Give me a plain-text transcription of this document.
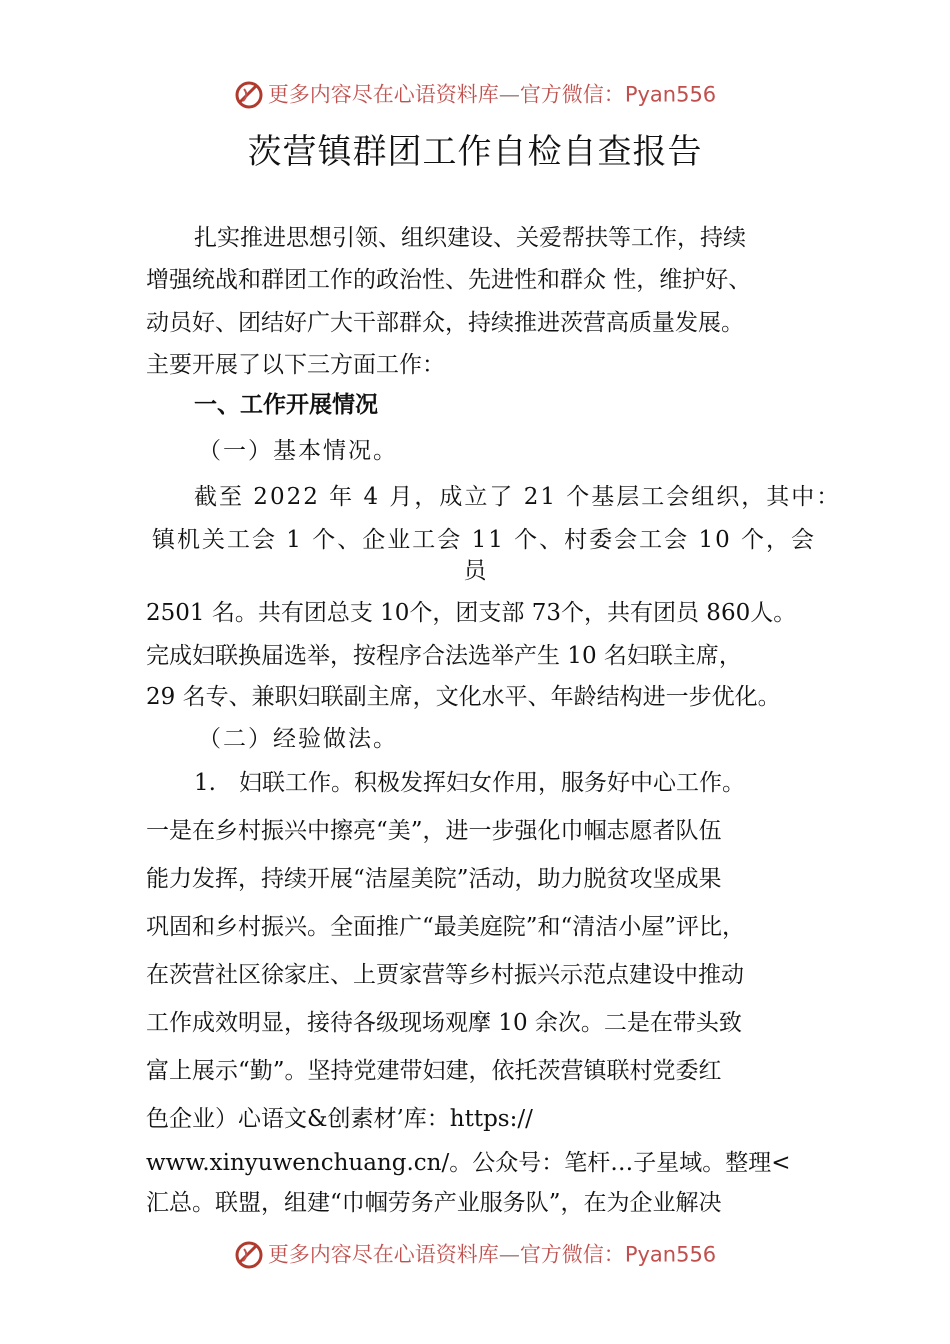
更多内容尽在心语资料库—官方微信：Pyan556
茨营镇群团工作自检自查报告
扎实推进思想引领、组织建设、关爱帮扶等工作，持续
增强统战和群团工作的政治性、先进性和群众 性，维护好、
动员好、团结好广大干部群众，持续推进茨营高质量发展。
主要开展了以下三方面工作：
一、工作开展情况
（一）基本情况。
截至 2022 年 4 月，成立了 21 个基层工会组织，其中：
镇机关工会 1 个、企业工会 11 个、村委会工会 10 个，会
员
2501 名。共有团总支 10个，团支部 73个，共有团员 860人。
完成妇联换届选举，按程序合法选举产生 10 名妇联主席，
29 名专、兼职妇联副主席，文化水平、年龄结构进一步优化。
（二）经验做法。
1.　妇联工作。积极发挥妇女作用，服务好中心工作。
一是在乡村振兴中擦亮“美”，进一步强化巾帼志愿者队伍
能力发挥，持续开展“洁屋美院”活动，助力脱贫攻坚成果
巩固和乡村振兴。全面推广“最美庭院”和“清洁小屋”评比，
在茨营社区徐家庄、上贾家营等乡村振兴示范点建设中推动
工作成效明显，接待各级现场观摩 10 余次。二是在带头致
富上展示“勤”。坚持党建带妇建，依托茨营镇联村党委红
色企业）心语文&创素材’库：https://
www.xinyuwenchuang.cn/。公众号：笔杆…子星域。整理<
汇总。联盟，组建“巾帼劳务产业服务队”，在为企业解决
更多内容尽在心语资料库—官方微信：Pyan556
